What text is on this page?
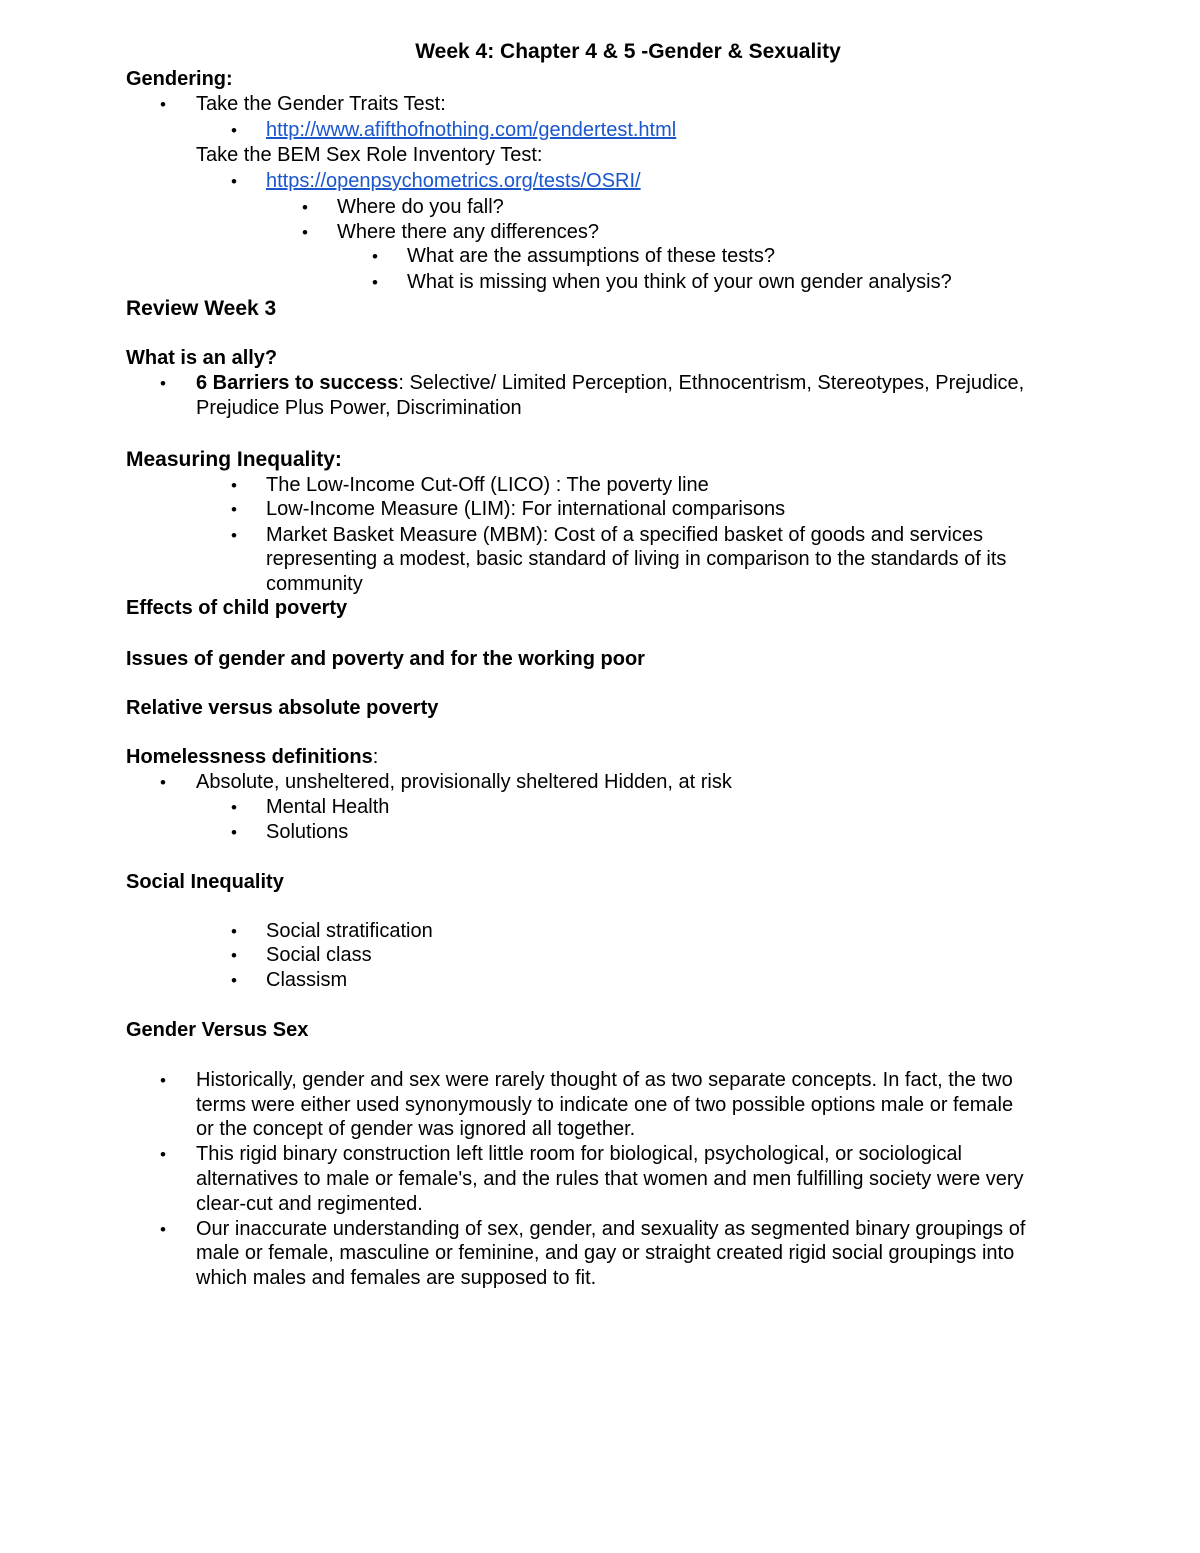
Week 4: Chapter 4 & 5 -Gender & Sexuality
Gendering:
• Take the Gender Traits Test:
• http://www.afifthofnothing.com/gendertest.html
Take the BEM Sex Role Inventory Test:
• https://openpsychometrics.org/tests/OSRI/
• Where do you fall?
• Where there any differences?
• What are the assumptions of these tests?
• What is missing when you think of your own gender analysis?
Review Week 3
What is an ally?
• 6 Barriers to success: Selective/ Limited Perception, Ethnocentrism, Stereotypes, Prejudice,
Prejudice Plus Power, Discrimination
Measuring Inequality:
• The Low-Income Cut-Off (LICO) : The poverty line
• Low-Income Measure (LIM): For international comparisons
• Market Basket Measure (MBM): Cost of a specified basket of goods and services
representing a modest, basic standard of living in comparison to the standards of its
community
Effects of child poverty
Issues of gender and poverty and for the working poor
Relative versus absolute poverty
Homelessness definitions:
• Absolute, unsheltered, provisionally sheltered Hidden, at risk
• Mental Health
• Solutions
Social Inequality
• Social stratification
• Social class
• Classism
Gender Versus Sex
• Historically, gender and sex were rarely thought of as two separate concepts. In fact, the two
terms were either used synonymously to indicate one of two possible options male or female
or the concept of gender was ignored all together.
• This rigid binary construction left little room for biological, psychological, or sociological
alternatives to male or female's, and the rules that women and men fulfilling society were very
clear-cut and regimented.
• Our inaccurate understanding of sex, gender, and sexuality as segmented binary groupings of
male or female, masculine or feminine, and gay or straight created rigid social groupings into
which males and females are supposed to fit.
